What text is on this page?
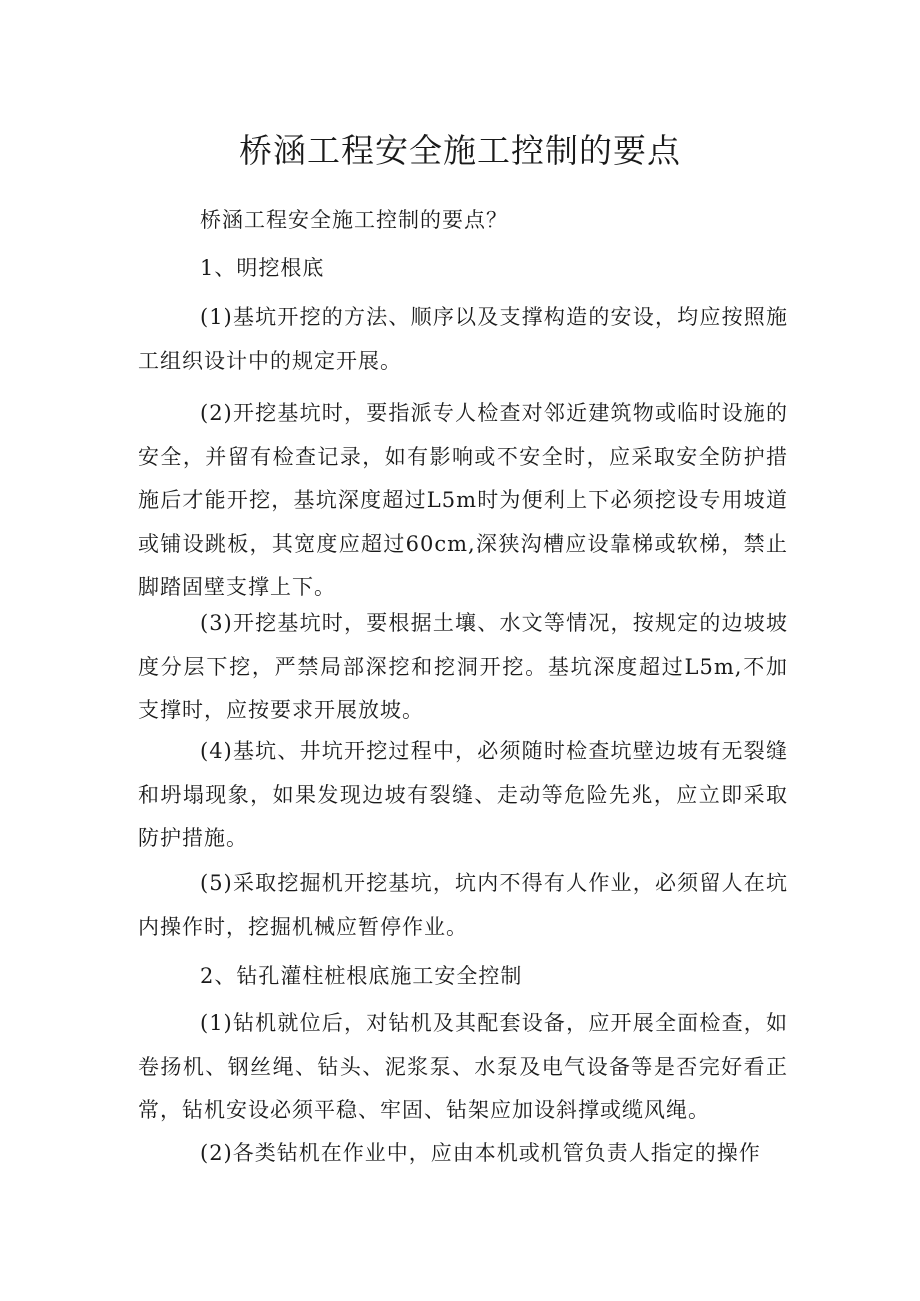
桥涵工程安全施工控制的要点

桥涵工程安全施工控制的要点？

1、明挖根底

(1)基坑开挖的方法、顺序以及支撑构造的安设，均应按照施工组织设计中的规定开展。

(2)开挖基坑时，要指派专人检查对邻近建筑物或临时设施的安全，并留有检查记录，如有影响或不安全时，应采取安全防护措施后才能开挖，基坑深度超过L5m时为便利上下必须挖设专用坡道或铺设跳板，其宽度应超过60cm,深狭沟槽应设靠梯或软梯，禁止脚踏固壁支撑上下。

(3)开挖基坑时，要根据土壤、水文等情况，按规定的边坡坡度分层下挖，严禁局部深挖和挖洞开挖。基坑深度超过L5m,不加支撑时，应按要求开展放坡。

(4)基坑、井坑开挖过程中，必须随时检查坑壁边坡有无裂缝和坍塌现象，如果发现边坡有裂缝、走动等危险先兆，应立即采取防护措施。

(5)采取挖掘机开挖基坑，坑内不得有人作业，必须留人在坑内操作时，挖掘机械应暂停作业。

2、钻孔灌柱桩根底施工安全控制

(1)钻机就位后，对钻机及其配套设备，应开展全面检查，如卷扬机、钢丝绳、钻头、泥浆泵、水泵及电气设备等是否完好看正常，钻机安设必须平稳、牢固、钻架应加设斜撑或缆风绳。

(2)各类钻机在作业中，应由本机或机管负责人指定的操作
